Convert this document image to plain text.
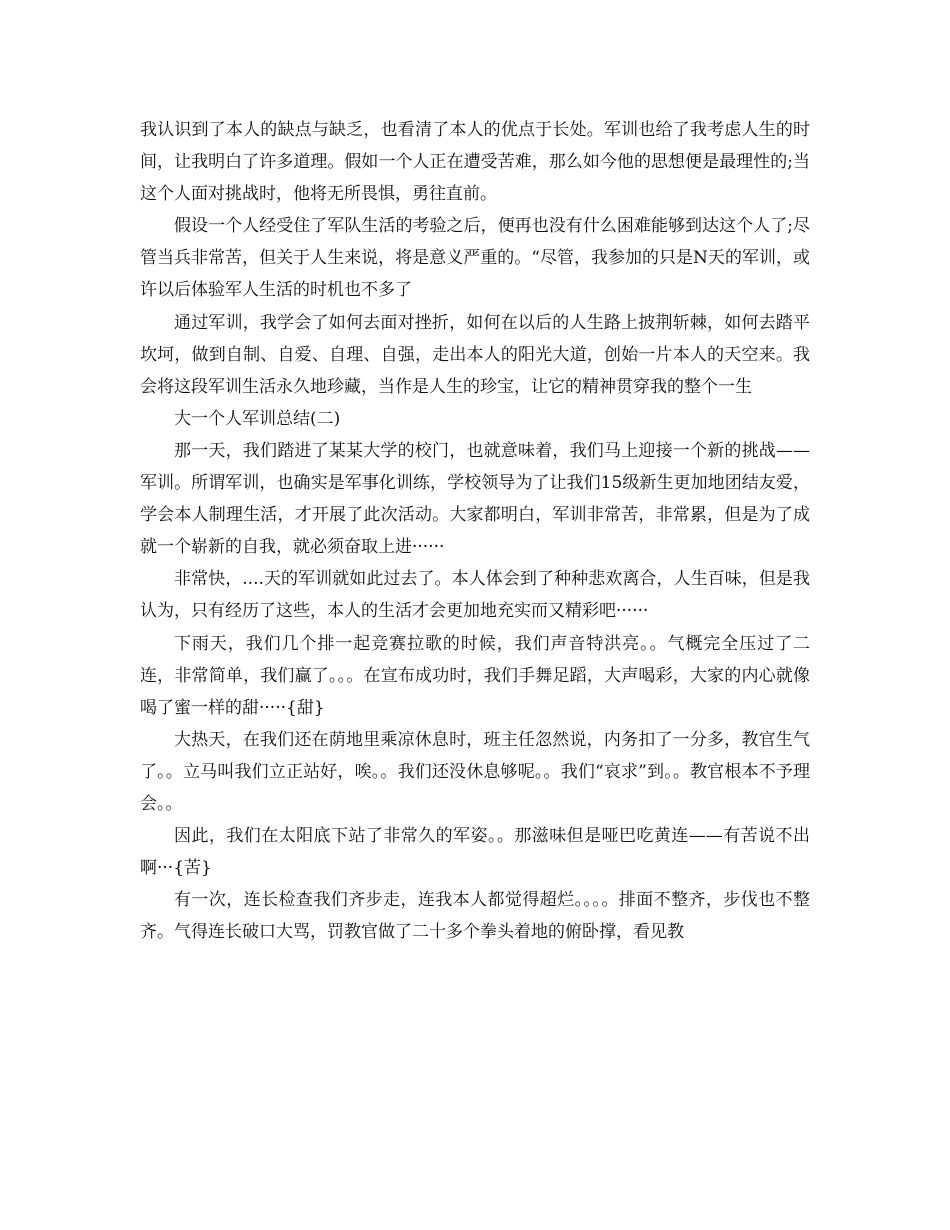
我认识到了本人的缺点与缺乏，也看清了本人的优点于长处。军训也给了我考虑人生的时间，让我明白了许多道理。假如一个人正在遭受苦难，那么如今他的思想便是最理性的;当这个人面对挑战时，他将无所畏惧，勇往直前。

假设一个人经受住了军队生活的考验之后，便再也没有什么困难能够到达这个人了;尽管当兵非常苦，但关于人生来说，将是意义严重的。“尽管，我参加的只是N天的军训，或许以后体验军人生活的时机也不多了

通过军训，我学会了如何去面对挫折，如何在以后的人生路上披荆斩棘，如何去踏平坎坷，做到自制、自爱、自理、自强，走出本人的阳光大道，创始一片本人的天空来。我会将这段军训生活永久地珍藏，当作是人生的珍宝，让它的精神贯穿我的整个一生

大一个人军训总结(二)

那一天，我们踏进了某某大学的校门，也就意味着，我们马上迎接一个新的挑战——军训。所谓军训，也确实是军事化训练，学校领导为了让我们15级新生更加地团结友爱，学会本人制理生活，才开展了此次活动。大家都明白，军训非常苦，非常累，但是为了成就一个崭新的自我，就必须奋取上进······

非常快，....天的军训就如此过去了。本人体会到了种种悲欢离合，人生百味，但是我认为，只有经历了这些，本人的生活才会更加地充实而又精彩吧······

下雨天，我们几个排一起竞赛拉歌的时候，我们声音特洪亮。。气概完全压过了二连，非常简单，我们赢了。。。在宣布成功时，我们手舞足蹈，大声喝彩，大家的内心就像喝了蜜一样的甜·····{甜}

大热天，在我们还在荫地里乘凉休息时，班主任忽然说，内务扣了一分多，教官生气了。。立马叫我们立正站好，唉。。我们还没休息够呢。。我们“哀求”到。。教官根本不予理会。。

因此，我们在太阳底下站了非常久的军姿。。那滋味但是哑巴吃黄连——有苦说不出啊···{苦}

有一次，连长检查我们齐步走，连我本人都觉得超烂。。。。排面不整齐，步伐也不整齐。气得连长破口大骂，罚教官做了二十多个拳头着地的俯卧撑，看见教
